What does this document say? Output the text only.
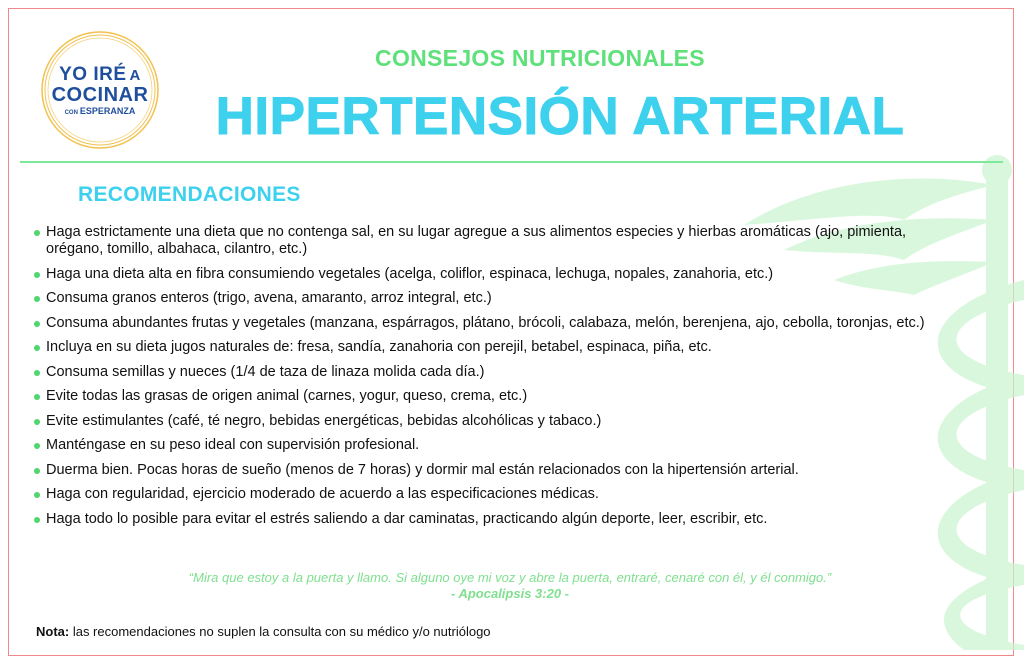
YO IRÉ A
COCINAR
CON ESPERANZA
CONSEJOS NUTRICIONALES
HIPERTENSIÓN ARTERIAL
RECOMENDACIONES
Haga estrictamente una dieta que no contenga sal, en su lugar agregue a sus alimentos especies y hierbas aromáticas (ajo, pimienta, orégano, tomillo, albahaca, cilantro, etc.)
Haga una dieta alta en fibra consumiendo vegetales (acelga, coliflor, espinaca, lechuga, nopales, zanahoria, etc.)
Consuma granos enteros (trigo, avena, amaranto, arroz integral, etc.)
Consuma abundantes frutas y vegetales (manzana, espárragos, plátano, brócoli, calabaza, melón, berenjena, ajo, cebolla, toronjas, etc.)
Incluya en su dieta jugos naturales de: fresa, sandía, zanahoria con perejil, betabel, espinaca, piña, etc.
Consuma semillas y nueces (1/4 de taza de linaza molida cada día.)
Evite todas las grasas de origen animal (carnes, yogur, queso, crema, etc.)
Evite estimulantes (café, té negro, bebidas energéticas, bebidas alcohólicas y tabaco.)
Manténgase en su peso ideal con supervisión profesional.
Duerma bien. Pocas horas de sueño (menos de 7 horas) y dormir mal están relacionados con la hipertensión arterial.
Haga con regularidad, ejercicio moderado de acuerdo a las especificaciones médicas.
Haga todo lo posible para evitar el estrés saliendo a dar caminatas, practicando algún deporte, leer, escribir, etc.
“Mira que estoy a la puerta y llamo. Si alguno oye mi voz y abre la puerta, entraré, cenaré con él, y él conmigo.”
- Apocalipsis 3:20 -
Nota: las recomendaciones no suplen la consulta con su médico y/o nutriólogo
